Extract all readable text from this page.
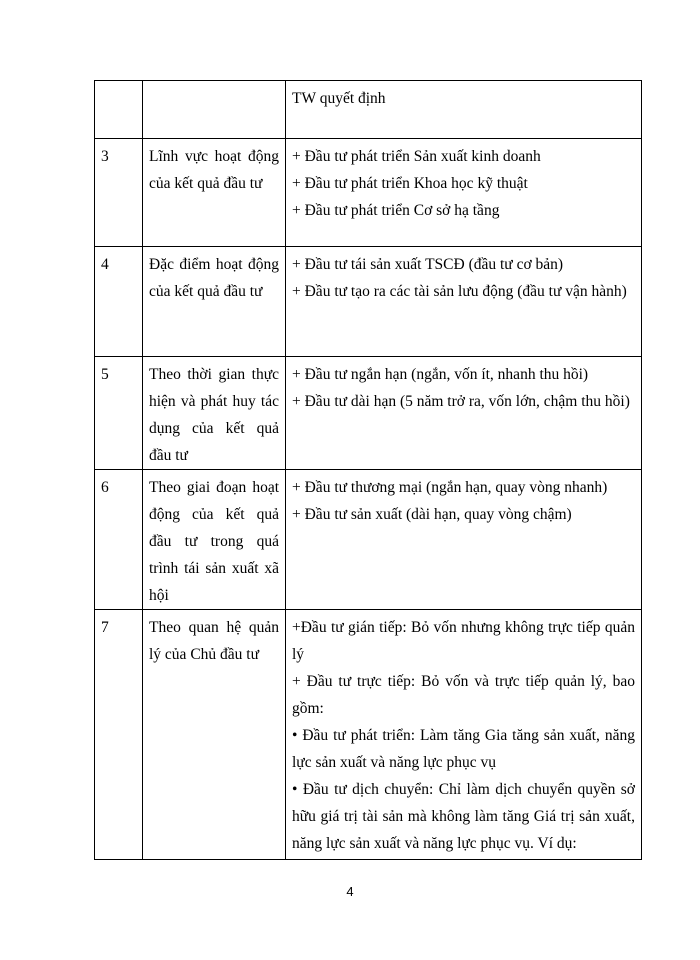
		TW quyết định

3	Lĩnh vực hoạt động của kết quả đầu tư	+ Đầu tư phát triển Sản xuất kinh doanh
+ Đầu tư phát triển Khoa học kỹ thuật
+ Đầu tư phát triển Cơ sở hạ tầng

4	Đặc điểm hoạt động của kết quả đầu tư	+ Đầu tư tái sản xuất TSCĐ (đầu tư cơ bản)
+ Đầu tư tạo ra các tài sản lưu động (đầu tư vận hành)

5	Theo thời gian thực hiện và phát huy tác dụng của kết quả đầu tư	+ Đầu tư ngắn hạn (ngắn, vốn ít, nhanh thu hồi)
+ Đầu tư dài hạn (5 năm trở ra, vốn lớn, chậm thu hồi)

6	Theo giai đoạn hoạt động của kết quả đầu tư trong quá trình tái sản xuất xã hội	+ Đầu tư thương mại (ngắn hạn, quay vòng nhanh)
+ Đầu tư sản xuất (dài hạn, quay vòng chậm)

7	Theo quan hệ quản lý của Chủ đầu tư	+Đầu tư gián tiếp: Bỏ vốn nhưng không trực tiếp quản lý
+ Đầu tư trực tiếp: Bỏ vốn và trực tiếp quản lý, bao gồm:
• Đầu tư phát triển: Làm tăng Gia tăng sản xuất, năng lực sản xuất và năng lực phục vụ
• Đầu tư dịch chuyển: Chỉ làm dịch chuyển quyền sở hữu giá trị tài sản mà không làm tăng Giá trị sản xuất, năng lực sản xuất và năng lực phục vụ. Ví dụ:
4
